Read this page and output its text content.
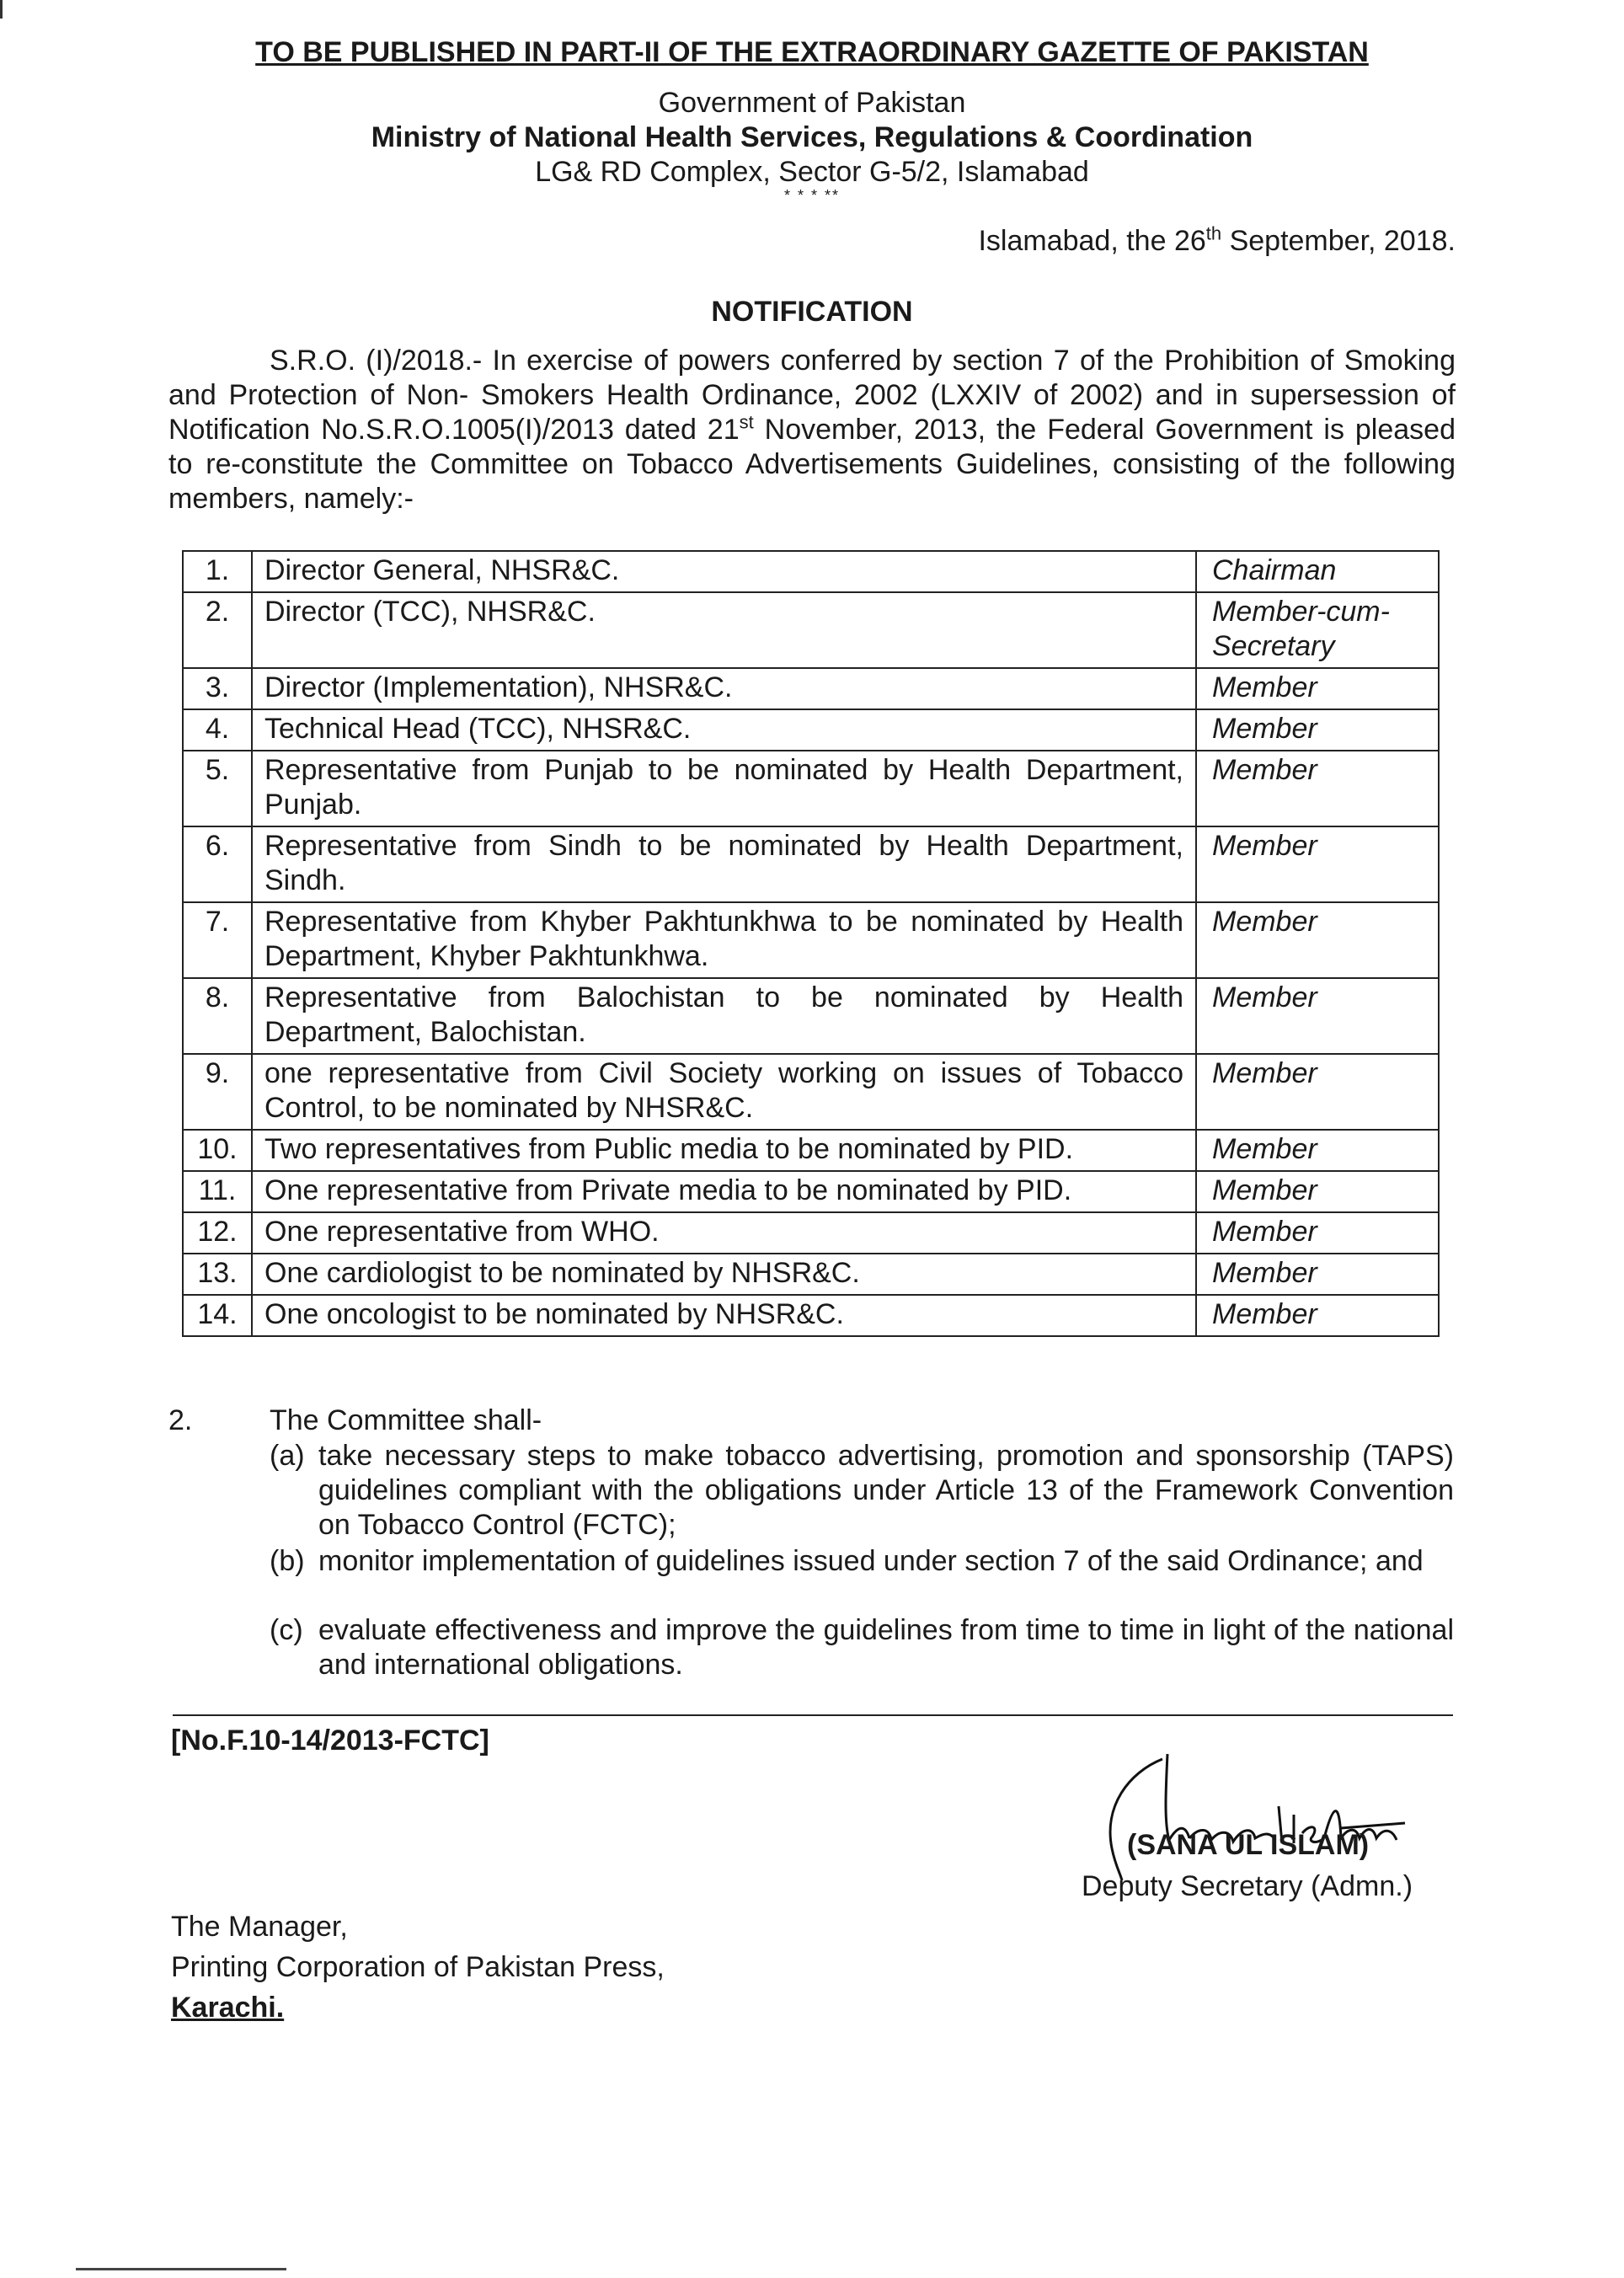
TO BE PUBLISHED IN PART-II OF THE EXTRAORDINARY GAZETTE OF PAKISTAN
Government of Pakistan
Ministry of National Health Services, Regulations & Coordination
LG& RD Complex, Sector G-5/2, Islamabad
* * * **
Islamabad, the 26th September, 2018.
NOTIFICATION
S.R.O. (I)/2018.- In exercise of powers conferred by section 7 of the Prohibition of Smoking and Protection of Non- Smokers Health Ordinance, 2002 (LXXIV of 2002) and in supersession of Notification No.S.R.O.1005(I)/2013 dated 21st November, 2013, the Federal Government is pleased to re-constitute the Committee on Tobacco Advertisements Guidelines, consisting of the following members, namely:-
1.	Director General, NHSR&C.	Chairman
2.	Director (TCC), NHSR&C.	Member-cum-Secretary
3.	Director (Implementation), NHSR&C.	Member
4.	Technical Head (TCC), NHSR&C.	Member
5.	Representative from Punjab to be nominated by Health Department, Punjab.	Member
6.	Representative from Sindh to be nominated by Health Department, Sindh.	Member
7.	Representative from Khyber Pakhtunkhwa to be nominated by Health Department, Khyber Pakhtunkhwa.	Member
8.	Representative from Balochistan to be nominated by Health Department, Balochistan.	Member
9.	one representative from Civil Society working on issues of Tobacco Control, to be nominated by NHSR&C.	Member
10.	Two representatives from Public media to be nominated by PID.	Member
11.	One representative from Private media to be nominated by PID.	Member
12.	One representative from WHO.	Member
13.	One cardiologist to be nominated by NHSR&C.	Member
14.	One oncologist to be nominated by NHSR&C.	Member
2.	The Committee shall-
(a) take necessary steps to make tobacco advertising, promotion and sponsorship (TAPS) guidelines compliant with the obligations under Article 13 of the Framework Convention on Tobacco Control (FCTC);
(b) monitor implementation of guidelines issued under section 7 of the said Ordinance; and
(c) evaluate effectiveness and improve the guidelines from time to time in light of the national and international obligations.
[No.F.10-14/2013-FCTC]
(SANA UL ISLAM)
Deputy Secretary (Admn.)
The Manager,
Printing Corporation of Pakistan Press,
Karachi.
